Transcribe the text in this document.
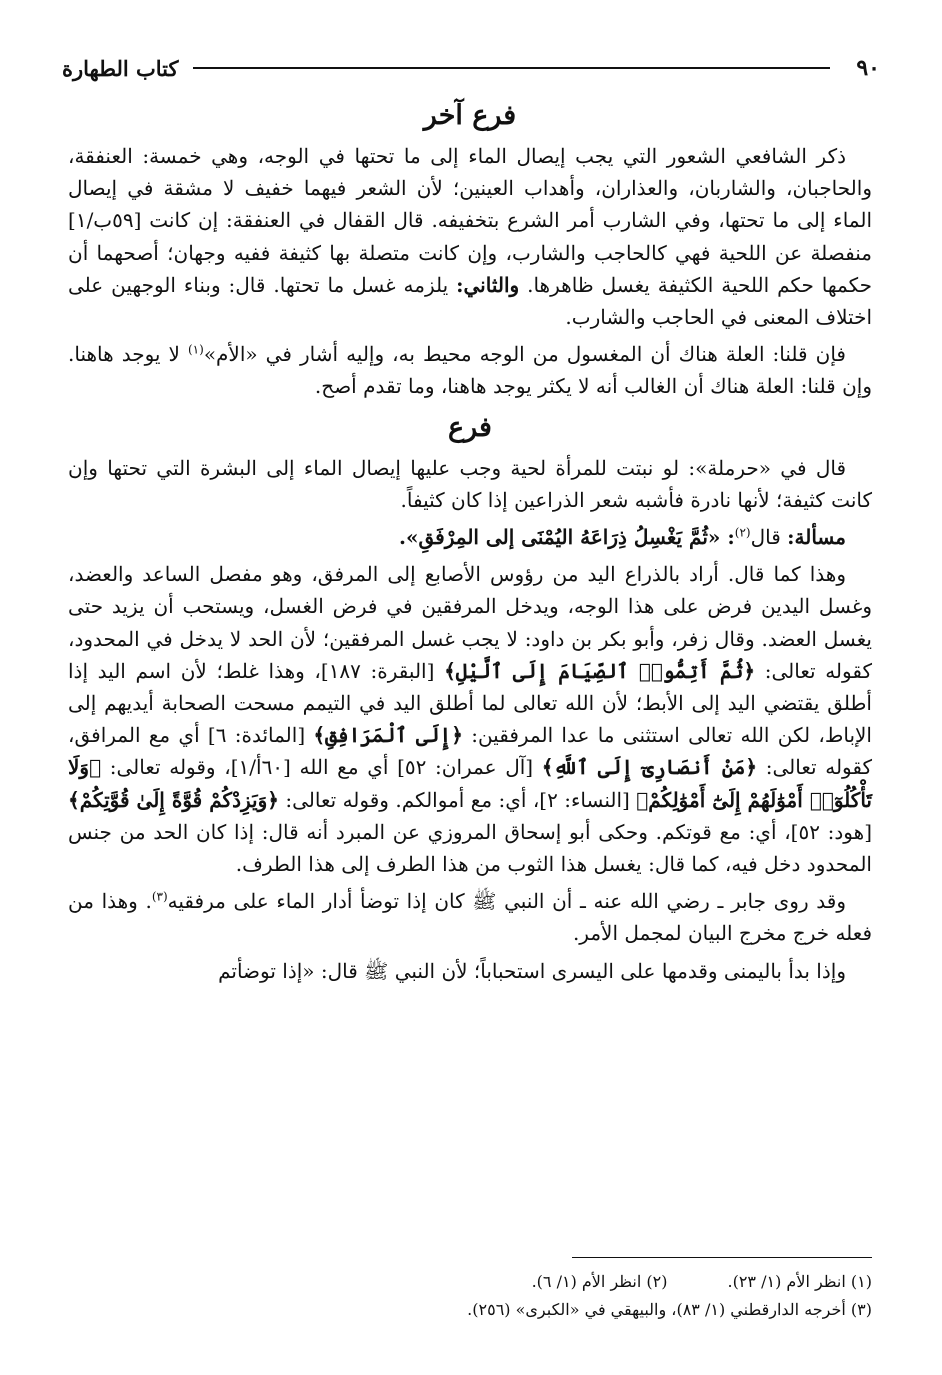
٩٠
كتاب الطهارة
فرع آخر

ذكر الشافعي الشعور التي يجب إيصال الماء إلى ما تحتها في الوجه، وهي خمسة: العنفقة، والحاجبان، والشاربان، والعذاران، وأهداب العينين؛ لأن الشعر فيهما خفيف لا مشقة في إيصال الماء إلى ما تحتها، وفي الشارب أمر الشرع بتخفيفه. قال القفال في العنفقة: إن كانت [٥٩ب/١] منفصلة عن اللحية فهي كالحاجب والشارب، وإن كانت متصلة بها كثيفة ففيه وجهان؛ أصحهما أن حكمها حكم اللحية الكثيفة يغسل ظاهرها. والثاني: يلزمه غسل ما تحتها. قال: وبناء الوجهين على اختلاف المعنى في الحاجب والشارب.

فإن قلنا: العلة هناك أن المغسول من الوجه محيط به، وإليه أشار في «الأم»$^{(١)}$ لا يوجد هاهنا. وإن قلنا: العلة هناك أن الغالب أنه لا يكثر يوجد هاهنا، وما تقدم أصح.

فرع

قال في «حرملة»: لو نبتت للمرأة لحية وجب عليها إيصال الماء إلى البشرة التي تحتها وإن كانت كثيفة؛ لأنها نادرة فأشبه شعر الذراعين إذا كان كثيفاً.

مسألة: قال$^{(٢)}$: «ثُمَّ يَغْسِلُ ذِرَاعَهُ اليُمْنَى إلى المِرْفَقِ».

وهذا كما قال. أراد بالذراع اليد من رؤوس الأصابع إلى المرفق، وهو مفصل الساعد والعضد، وغسل اليدين فرض على هذا الوجه، ويدخل المرفقين في فرض الغسل، ويستحب أن يزيد حتى يغسل العضد. وقال زفر، وأبو بكر بن داود: لا يجب غسل المرفقين؛ لأن الحد لا يدخل في المحدود، كقوله تعالى: ﴿ثُمَّ أَتِمُّوا۟ ٱلصِّيَامَ إِلَى ٱلَّيْلِ﴾ [البقرة: ١٨٧]، وهذا غلط؛ لأن اسم اليد إذا أطلق يقتضي اليد إلى الأبط؛ لأن الله تعالى لما أطلق اليد في التيمم مسحت الصحابة أيديهم إلى الإباط، لكن الله تعالى استثنى ما عدا المرفقين: ﴿إِلَى ٱلْمَرَافِقِ﴾ [المائدة: ٦] أي مع المرافق، كقوله تعالى: ﴿مَنْ أَنصَارِىٓ إِلَى ٱللَّهِ﴾ [آل عمران: ٥٢] أي مع الله [٦٠أ/١]، وقوله تعالى: ﴿وَلَا تَأْكُلُوٓا۟ أَمْوَٰلَهُمْ إِلَىٰٓ أَمْوَٰلِكُمْ﴾ [النساء: ٢]، أي: مع أموالكم. وقوله تعالى: ﴿وَيَزِدْكُمْ قُوَّةً إِلَىٰ قُوَّتِكُمْ﴾ [هود: ٥٢]، أي: مع قوتكم. وحكى أبو إسحاق المروزي عن المبرد أنه قال: إذا كان الحد من جنس المحدود دخل فيه، كما قال: يغسل هذا الثوب من هذا الطرف إلى هذا الطرف.

وقد روى جابر ـ رضي الله عنه ـ أن النبي ﷺ كان إذا توضأ أدار الماء على مرفقيه$^{(٣)}$. وهذا من فعله خرج مخرج البيان لمجمل الأمر.

وإذا بدأ باليمنى وقدمها على اليسرى استحباباً؛ لأن النبي ﷺ قال: «إذا توضأتم

(١) انظر الأم (١/ ٢٣).
(٢) انظر الأم (١/ ٦).
(٣) أخرجه الدارقطني (١/ ٨٣)، والبيهقي في «الكبرى» (٢٥٦).
